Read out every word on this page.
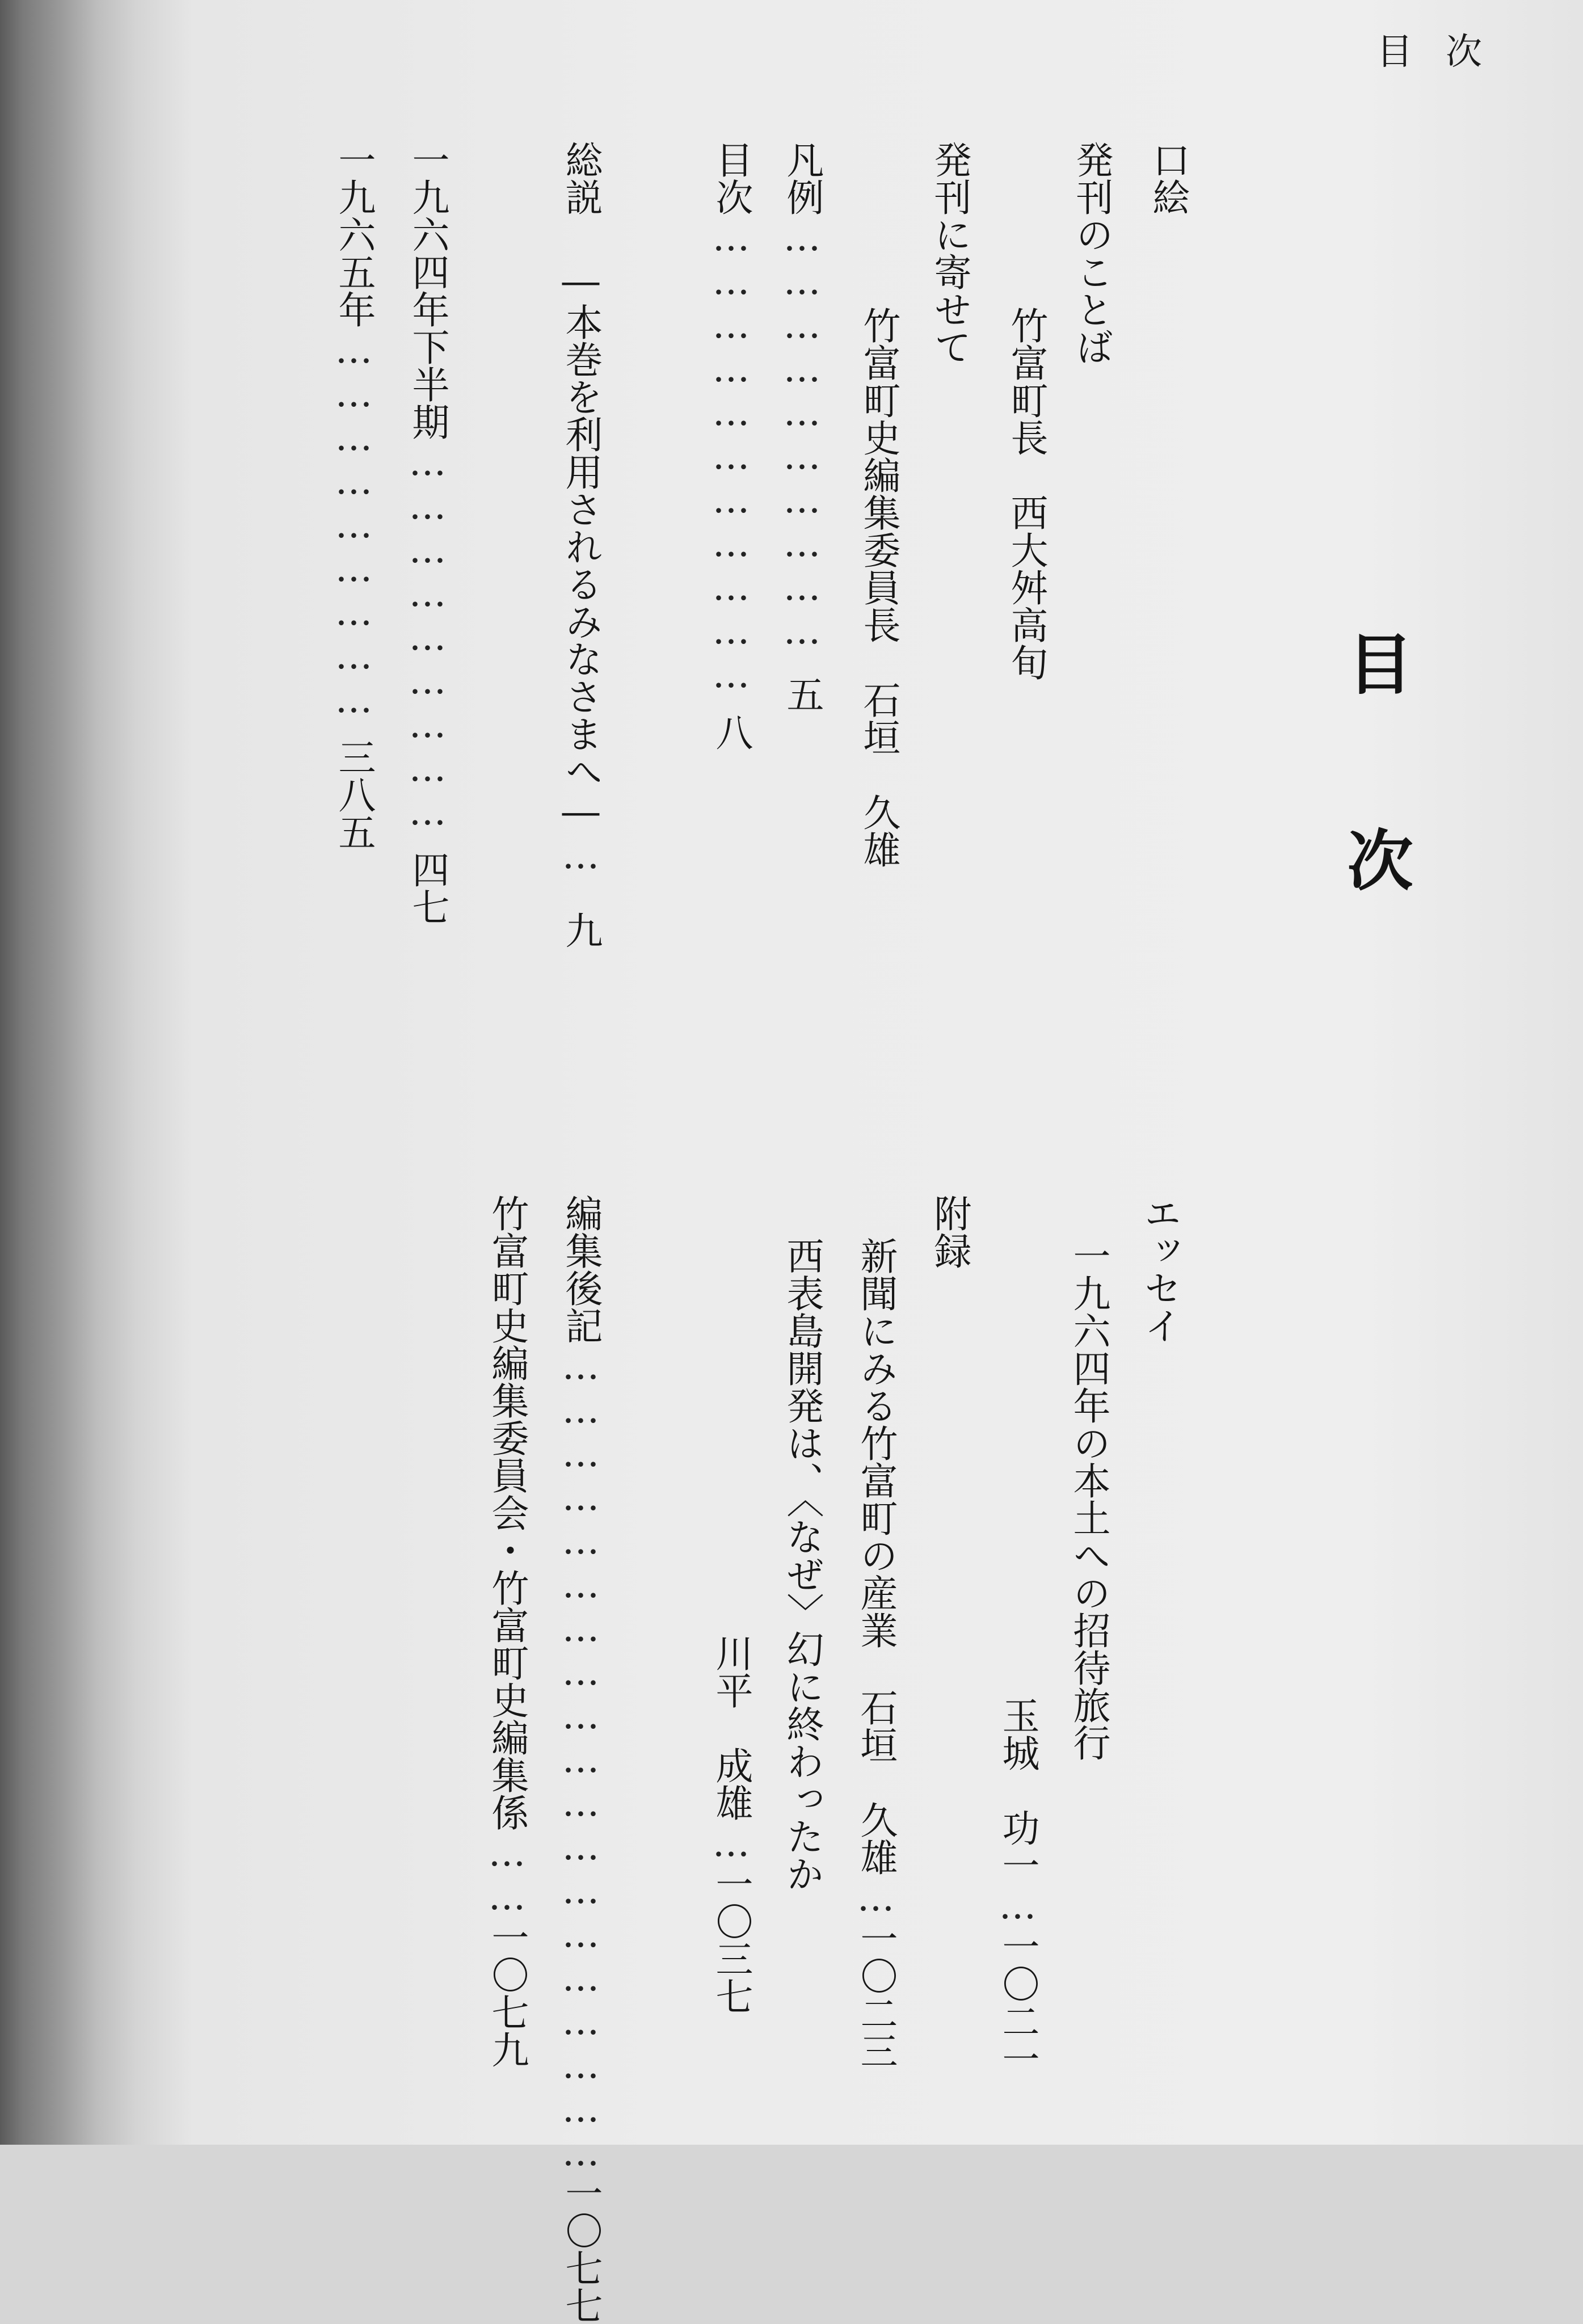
目次
目次
口絵
発刊のことば
竹富町長　西大舛高旬
発刊に寄せて
竹富町史編集委員長　石垣　久雄
凡例…………………………五
目次……………………………八
総説 ―本巻を利用されるみなさまへ―…九
一九六四年下半期………………………四七
一九六五年………………………三八五
エッセイ
一九六四年の本土への招待旅行
玉城　功一…一〇二一
附録
新聞にみる竹富町の産業石垣　久雄…一〇二三
西表島開発は、〈なぜ〉幻に終わったか
川平　成雄…一〇三七
編集後記…………………………………………………一〇七七
竹富町史編集委員会・竹富町史編集係……一〇七九
